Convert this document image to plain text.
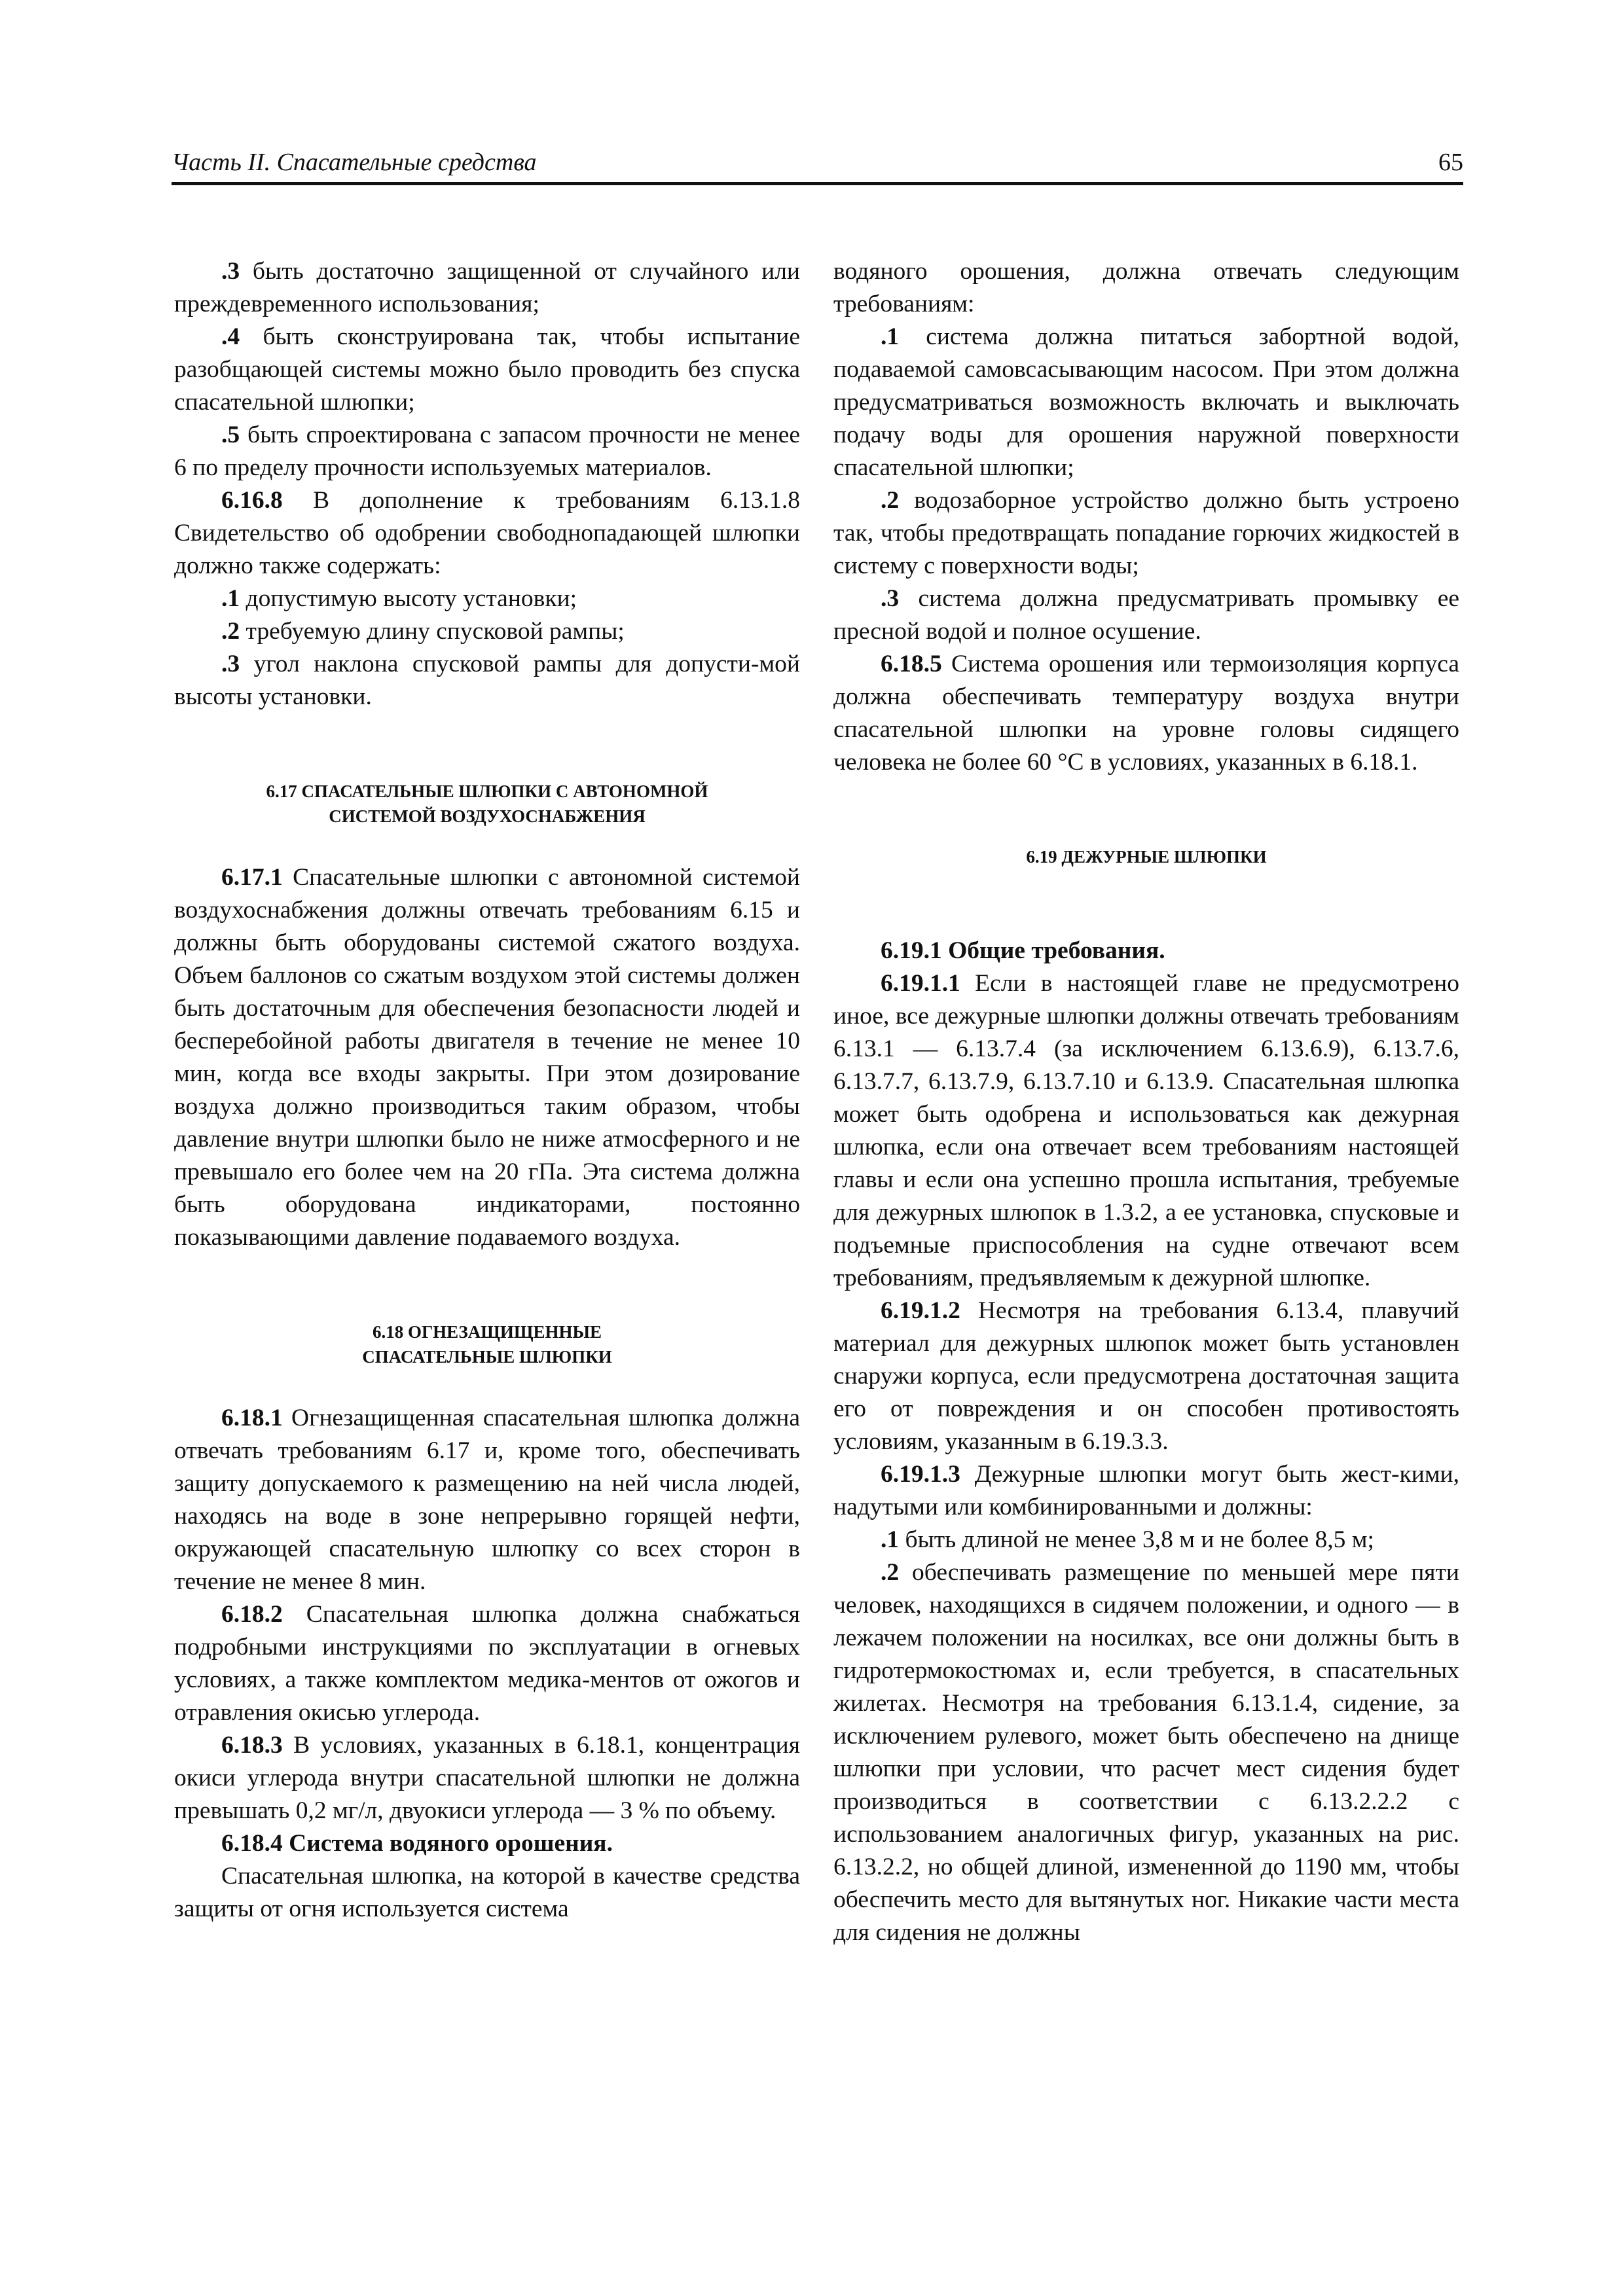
Часть II. Спасательные средства	65

.3 быть достаточно защищенной от случайного или преждевременного использования;

.4 быть сконструирована так, чтобы испытание разобщающей системы можно было проводить без спуска спасательной шлюпки;

.5 быть спроектирована с запасом прочности не менее 6 по пределу прочности используемых материалов.

6.16.8 В дополнение к требованиям 6.13.1.8 Свидетельство об одобрении свободнопадающей шлюпки должно также содержать:

.1 допустимую высоту установки;

.2 требуемую длину спусковой рампы;

.3 угол наклона спусковой рампы для допусти-мой высоты установки.

6.17 СПАСАТЕЛЬНЫЕ ШЛЮПКИ С АВТОНОМНОЙ
СИСТЕМОЙ ВОЗДУХОСНАБЖЕНИЯ

6.17.1 Спасательные шлюпки с автономной системой воздухоснабжения должны отвечать требованиям 6.15 и должны быть оборудованы системой сжатого воздуха. Объем баллонов со сжатым воздухом этой системы должен быть достаточным для обеспечения безопасности людей и бесперебойной работы двигателя в течение не менее 10 мин, когда все входы закрыты. При этом дозирование воздуха должно производиться таким образом, чтобы давление внутри шлюпки было не ниже атмосферного и не превышало его более чем на 20 гПа. Эта система должна быть оборудована индикаторами, постоянно показывающими давление подаваемого воздуха.

6.18 ОГНЕЗАЩИЩЕННЫЕ
СПАСАТЕЛЬНЫЕ ШЛЮПКИ

6.18.1 Огнезащищенная спасательная шлюпка должна отвечать требованиям 6.17 и, кроме того, обеспечивать защиту допускаемого к размещению на ней числа людей, находясь на воде в зоне непрерывно горящей нефти, окружающей спасательную шлюпку со всех сторон в течение не менее 8 мин.

6.18.2 Спасательная шлюпка должна снабжаться подробными инструкциями по эксплуатации в огневых условиях, а также комплектом медика-ментов от ожогов и отравления окисью углерода.

6.18.3 В условиях, указанных в 6.18.1, концентрация окиси углерода внутри спасательной шлюпки не должна превышать 0,2 мг/л, двуокиси углерода — 3 % по объему.

6.18.4 Система водяного орошения.

Спасательная шлюпка, на которой в качестве средства защиты от огня используется система

водяного орошения, должна отвечать следующим требованиям:

.1 система должна питаться забортной водой, подаваемой самовсасывающим насосом. При этом должна предусматриваться возможность включать и выключать подачу воды для орошения наружной поверхности спасательной шлюпки;

.2 водозаборное устройство должно быть устроено так, чтобы предотвращать попадание горючих жидкостей в систему с поверхности воды;

.3 система должна предусматривать промывку ее пресной водой и полное осушение.

6.18.5 Система орошения или термоизоляция корпуса должна обеспечивать температуру воздуха внутри спасательной шлюпки на уровне головы сидящего человека не более 60 °С в условиях, указанных в 6.18.1.

6.19 ДЕЖУРНЫЕ ШЛЮПКИ

6.19.1 Общие требования.

6.19.1.1 Если в настоящей главе не предусмотрено иное, все дежурные шлюпки должны отвечать требованиям 6.13.1 — 6.13.7.4 (за исключением 6.13.6.9), 6.13.7.6, 6.13.7.7, 6.13.7.9, 6.13.7.10 и 6.13.9. Спасательная шлюпка может быть одобрена и использоваться как дежурная шлюпка, если она отвечает всем требованиям настоящей главы и если она успешно прошла испытания, требуемые для дежурных шлюпок в 1.3.2, а ее установка, спусковые и подъемные приспособления на судне отвечают всем требованиям, предъявляемым к дежурной шлюпке.

6.19.1.2 Несмотря на требования 6.13.4, плавучий материал для дежурных шлюпок может быть установлен снаружи корпуса, если предусмотрена достаточная защита его от повреждения и он способен противостоять условиям, указанным в 6.19.3.3.

6.19.1.3 Дежурные шлюпки могут быть жест-кими, надутыми или комбинированными и должны:

.1 быть длиной не менее 3,8 м и не более 8,5 м;

.2 обеспечивать размещение по меньшей мере пяти человек, находящихся в сидячем положении, и одного — в лежачем положении на носилках, все они должны быть в гидротермокостюмах и, если требуется, в спасательных жилетах. Несмотря на требования 6.13.1.4, сидение, за исключением рулевого, может быть обеспечено на днище шлюпки при условии, что расчет мест сидения будет производиться в соответствии с 6.13.2.2.2 с использованием аналогичных фигур, указанных на рис. 6.13.2.2, но общей длиной, измененной до 1190 мм, чтобы обеспечить место для вытянутых ног. Никакие части места для сидения не должны
